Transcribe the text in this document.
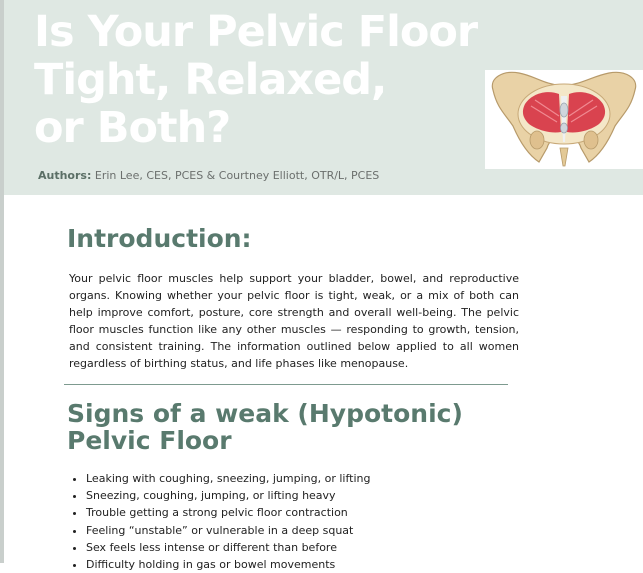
Is Your Pelvic Floor
Tight, Relaxed,
or Both?
Authors: Erin Lee, CES, PCES & Courtney Elliott, OTR/L, PCES
Introduction:

Your pelvic floor muscles help support your bladder, bowel, and reproductive organs. Knowing whether your pelvic floor is tight, weak, or a mix of both can help improve comfort, posture, core strength and overall well-being. The pelvic floor muscles function like any other muscles — responding to growth, tension, and consistent training. The information outlined below applied to all women regardless of birthing status, and life phases like menopause.

Signs of a weak (Hypotonic)
Pelvic Floor
• Leaking with coughing, sneezing, jumping, or lifting
• Sneezing, coughing, jumping, or lifting heavy
• Trouble getting a strong pelvic floor contraction
• Feeling “unstable” or vulnerable in a deep squat
• Sex feels less intense or different than before
• Difficulty holding in gas or bowel movements
